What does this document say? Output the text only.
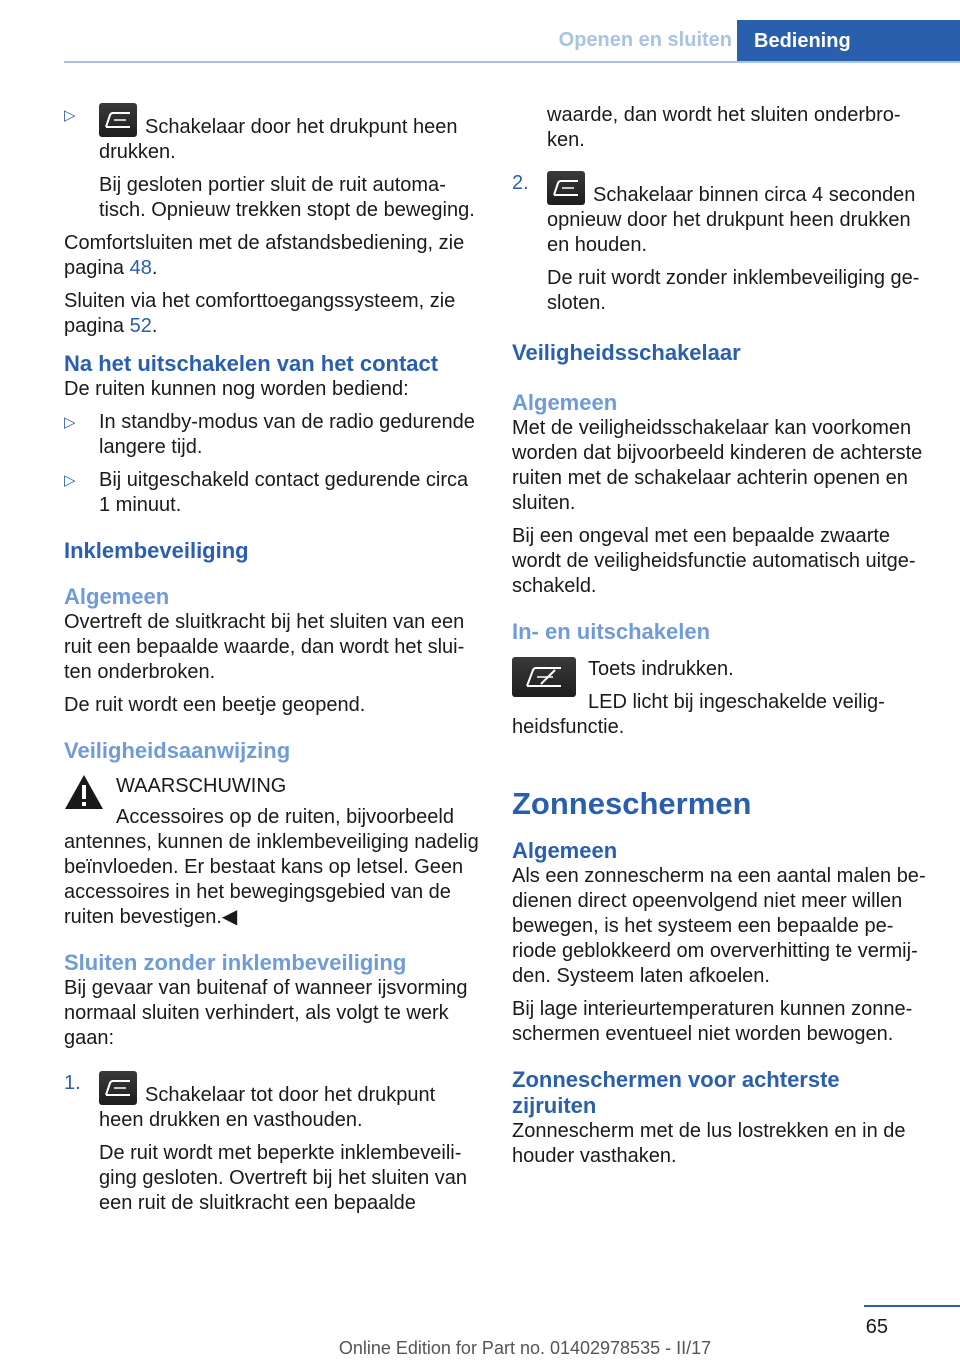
Openen en sluiten	Bediening
▷
Schakelaar door het drukpunt heen drukken.
Bij gesloten portier sluit de ruit automatisch. Opnieuw trekken stopt de beweging.

Comfortsluiten met de afstandsbediening, zie pagina 48.

Sluiten via het comforttoegangssysteem, zie pagina 52.

Na het uitschakelen van het contact

De ruiten kunnen nog worden bediend:

▷ In standby-modus van de radio gedurende langere tijd.
▷ Bij uitgeschakeld contact gedurende circa 1 minuut.
Inklembeveiliging
Algemeen

Overtreft de sluitkracht bij het sluiten van een ruit een bepaalde waarde, dan wordt het sluiten onderbroken.

De ruit wordt een beetje geopend.

Veiligheidsaanwijzing

WAARSCHUWING

Accessoires op de ruiten, bijvoorbeeld antennes, kunnen de inklembeveiliging nadelig beïnvloeden. Er bestaat kans op letsel. Geen accessoires in het bewegingsgebied van de ruiten bevestigen.◀

Sluiten zonder inklembeveiliging

Bij gevaar van buitenaf of wanneer ijsvorming normaal sluiten verhindert, als volgt te werk gaan:

1.
Schakelaar tot door het drukpunt heen drukken en vasthouden.
De ruit wordt met beperkte inklembeveiliging gesloten. Overtreft bij het sluiten van een ruit de sluitkracht een bepaalde
waarde, dan wordt het sluiten onderbroken.
2.
Schakelaar binnen circa 4 seconden opnieuw door het drukpunt heen drukken en houden.
De ruit wordt zonder inklembeveiliging gesloten.
Veiligheidsschakelaar
Algemeen

Met de veiligheidsschakelaar kan voorkomen worden dat bijvoorbeeld kinderen de achterste ruiten met de schakelaar achterin openen en sluiten.

Bij een ongeval met een bepaalde zwaarte wordt de veiligheidsfunctie automatisch uitgeschakeld.

In- en uitschakelen

Toets indrukken.

LED licht bij ingeschakelde veiligheidsfunctie.

Zonneschermen
Algemeen

Als een zonnescherm na een aantal malen bedienen direct opeenvolgend niet meer willen bewegen, is het systeem een bepaalde periode geblokkeerd om oververhitting te vermijden. Systeem laten afkoelen.

Bij lage interieurtemperaturen kunnen zonneschermen eventueel niet worden bewogen.

Zonneschermen voor achterste zijruiten

Zonnescherm met de lus lostrekken en in de houder vasthaken.

65
Online Edition for Part no. 01402978535 - II/17
